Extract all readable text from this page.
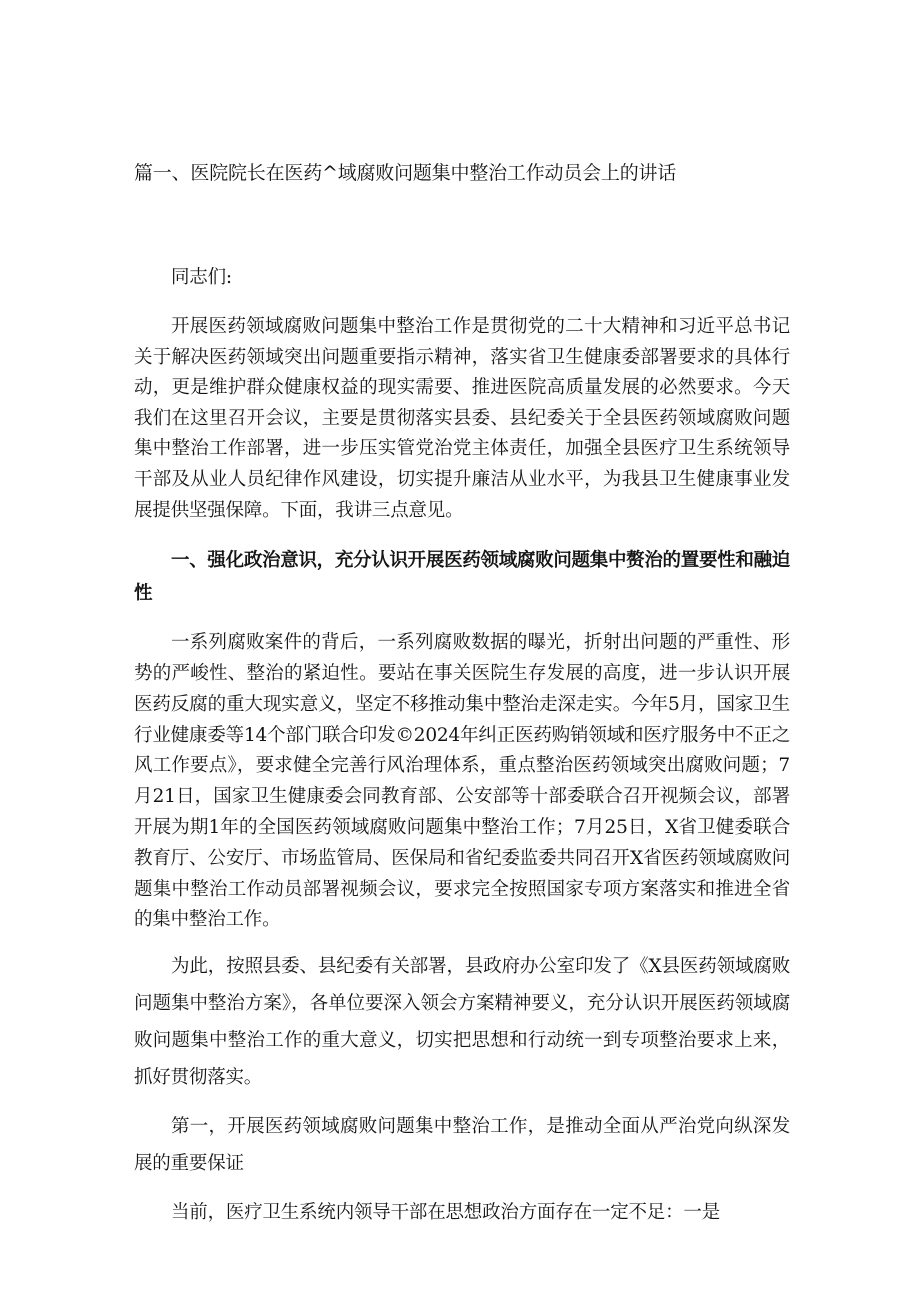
篇一、医院院长在医药^域腐败问题集中整治工作动员会上的讲话

同志们:

开展医药领域腐败问题集中整治工作是贯彻党的二十大精神和习近平总书记关于解决医药领域突出问题重要指示精神，落实省卫生健康委部署要求的具体行动，更是维护群众健康权益的现实需要、推进医院高质量发展的必然要求。今天我们在这里召开会议，主要是贯彻落实县委、县纪委关于全县医药领域腐败问题集中整治工作部署，进一步压实管党治党主体责任，加强全县医疗卫生系统领导干部及从业人员纪律作风建设，切实提升廉洁从业水平，为我县卫生健康事业发展提供坚强保障。下面，我讲三点意见。

一、强化政治意识，充分认识开展医药领域腐败问题集中赘治的置要性和融迫性

一系列腐败案件的背后，一系列腐败数据的曝光，折射出问题的严重性、形势的严峻性、整治的紧迫性。要站在事关医院生存发展的高度，进一步认识开展医药反腐的重大现实意义，坚定不移推动集中整治走深走实。今年5月，国家卫生行业健康委等14个部门联合印发©2024年纠正医药购销领域和医疗服务中不正之风工作要点》，要求健全完善行风治理体系，重点整治医药领域突出腐败问题；7月21日，国家卫生健康委会同教育部、公安部等十部委联合召开视频会议，部署开展为期1年的全国医药领域腐败问题集中整治工作；7月25日，X省卫健委联合教育厅、公安厅、市场监管局、医保局和省纪委监委共同召开X省医药领域腐败问题集中整治工作动员部署视频会议，要求完全按照国家专项方案落实和推进全省的集中整治工作。

为此，按照县委、县纪委有关部署，县政府办公室印发了《X县医药领域腐败问题集中整治方案》，各单位要深入领会方案精神要义，充分认识开展医药领域腐败问题集中整治工作的重大意义，切实把思想和行动统一到专项整治要求上来，抓好贯彻落实。

第一，开展医药领域腐败问题集中整治工作，是推动全面从严治党向纵深发展的重要保证

当前，医疗卫生系统内领导干部在思想政治方面存在一定不足：一是
